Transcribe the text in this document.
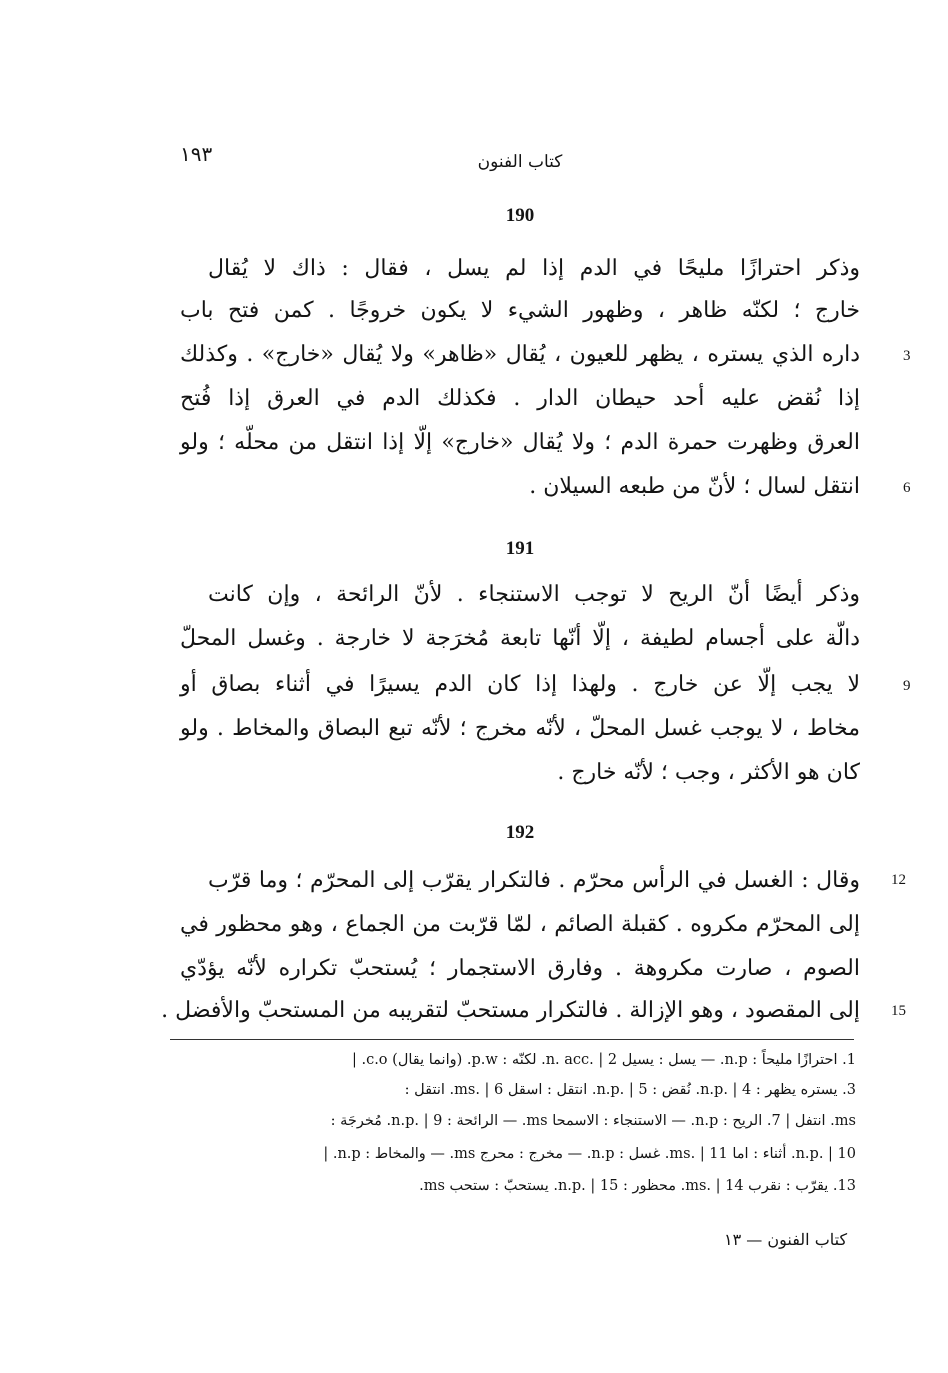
١٩٣	كتاب الفنون
190
وذكر احترازًا مليحًا في الدم إذا لم يسل ، فقال : ذاك لا يُقال
خارج ؛ لكنّه ظاهر ، وظهور الشيء لا يكون خروجًا . كمن فتح باب
داره الذي يستره ، يظهر للعيون ، يُقال «ظاهر» ولا يُقال «خارج» . وكذلك	3
إذا نُقض عليه أحد حيطان الدار . فكذلك الدم في العرق إذا فُتح
العرق وظهرت حمرة الدم ؛ ولا يُقال «خارج» إلّا إذا انتقل من محلّه ؛ ولو
انتقل لسال ؛ لأنّ من طبعه السيلان .	6
191
وذكر أيضًا أنّ الريح لا توجب الاستنجاء . لأنّ الرائحة ، وإن كانت
دالّة على أجسام لطيفة ، إلّا أنّها تابعة مُخرَجة لا خارجة . وغسل المحلّ
لا يجب إلّا عن خارج . ولهذا إذا كان الدم يسيرًا في أثناء بصاق أو	9
مخاط ، لا يوجب غسل المحلّ ، لأنّه مخرج ؛ لأنّه تبع البصاق والمخاط . ولو
كان هو الأكثر ، وجب ؛ لأنّه خارج .
192
وقال : الغسل في الرأس محرّم . فالتكرار يقرّب إلى المحرّم ؛ وما قرّب 12
إلى المحرّم مكروه . كقبلة الصائم ، لمّا قرّبت من الجماع ، وهو محظور في
الصوم ، صارت مكروهة . وفارق الاستجمار ؛ يُستحبّ تكراره لأنّه يؤدّي
إلى المقصود ، وهو الإزالة . فالتكرار مستحبّ لتقريبه من المستحبّ والأفضل . 15
1. احترازًا مليحاً : n.p. — يسل : يسيل n. acc. | 2. لكنّه : p.w. (وانما يقال) c.o. |
3. يستره يظهر : n.p. | 4. نُقض : n.p. | 5. انتقل : اسقل ms. | 6. انتقل :
ms. انتفل | 7. الريح : n.p. — الاستنجاء : الاسمحا ms. — الرائحة : n.p. | 9. مُخرجَة :
n.p. | 10. أثناء : اما ms. | 11. غسل : n.p. — مخرج : محرج ms. — والمخاط : n.p. |
13. يقرّب : نقرب ms. | 14. محظور : n.p. | 15. يستحبّ : ستحب ms.
كتاب الفنون — ١٣
